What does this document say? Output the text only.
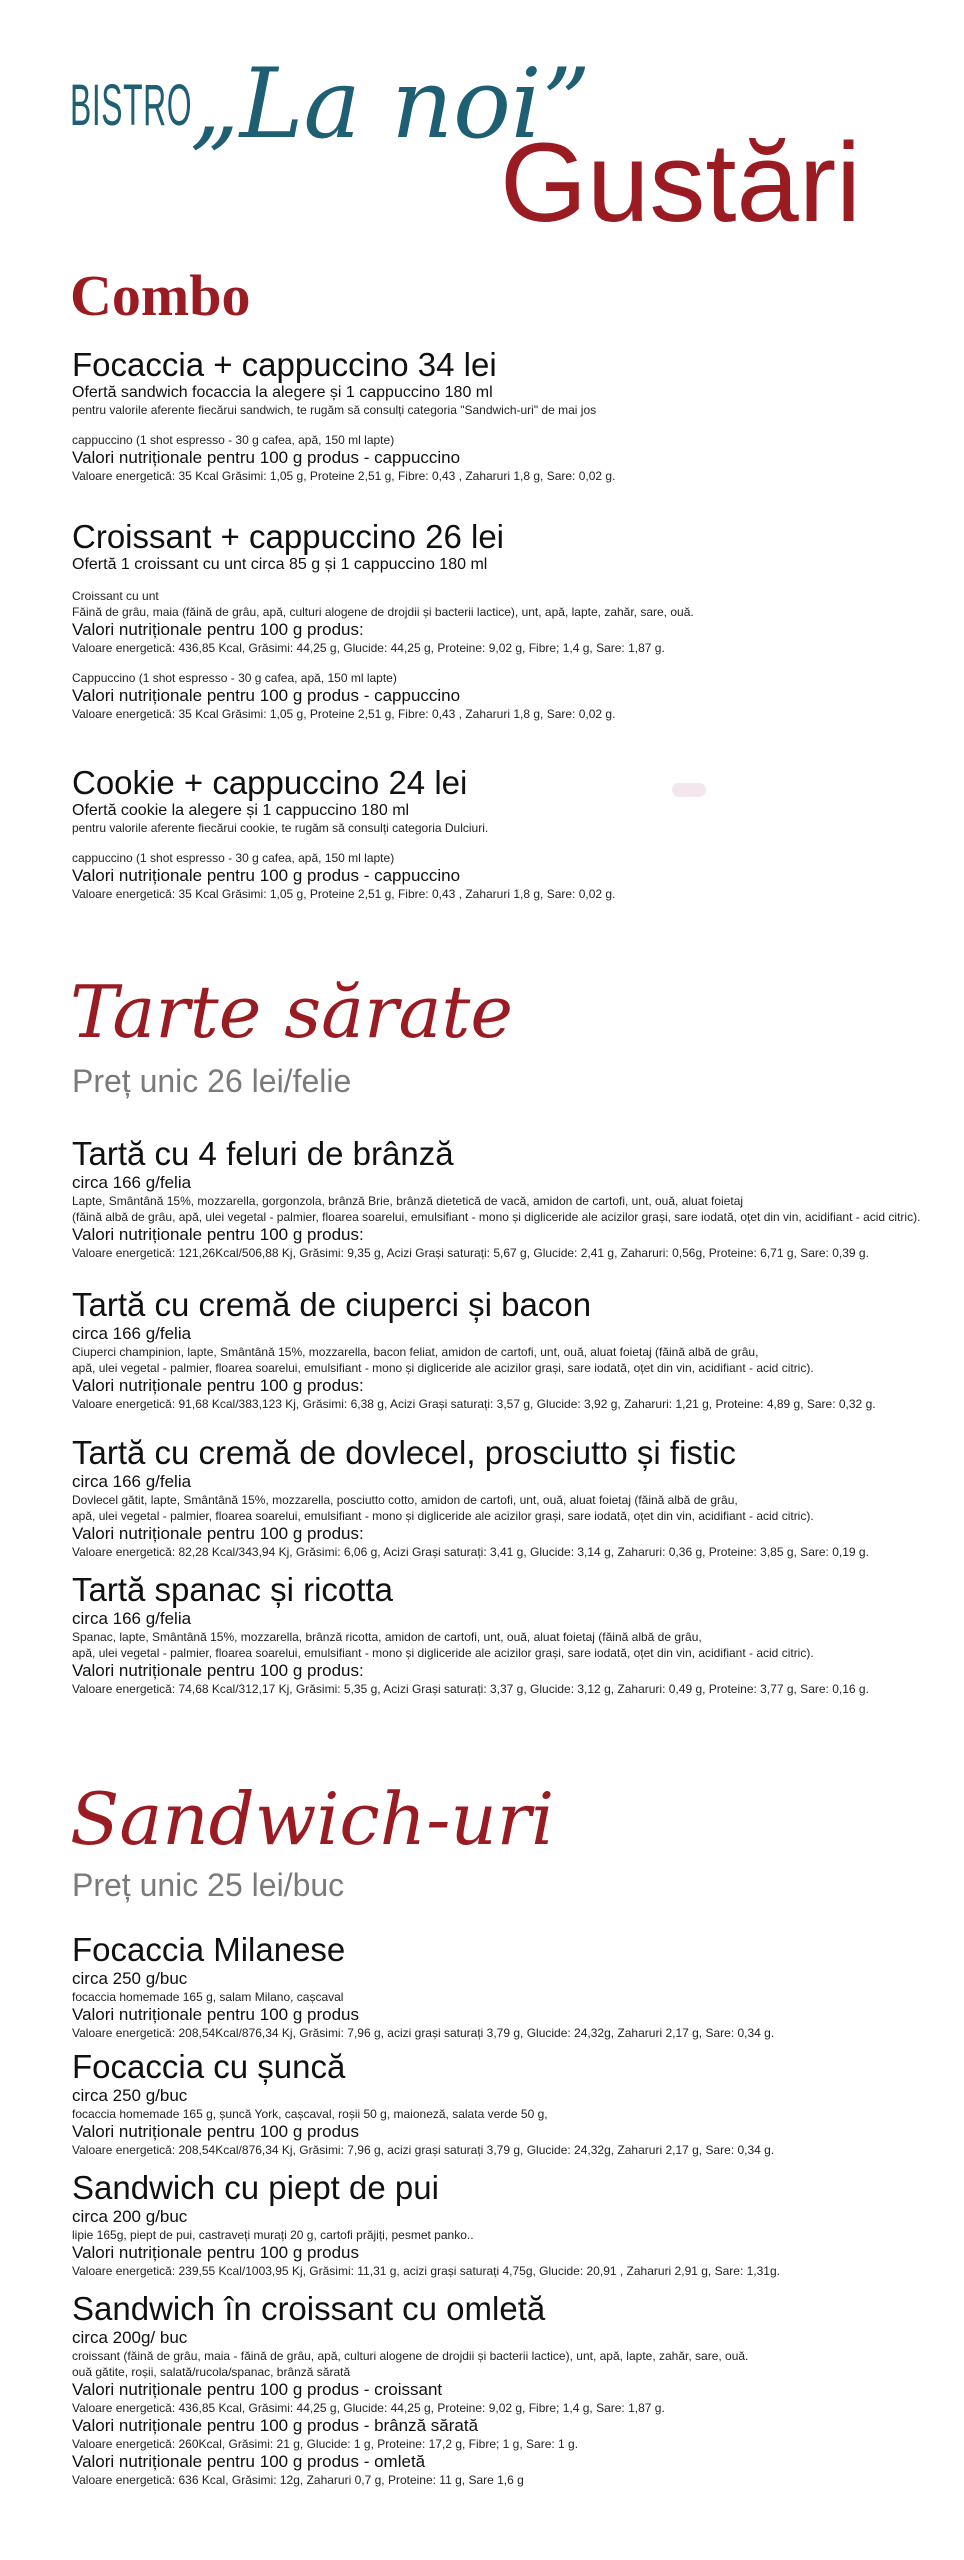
BISTRO
„La noi”
Gustări
Combo
Focaccia + cappuccino 34 lei
Ofertă sandwich focaccia la alegere și 1 cappuccino 180 ml
pentru valorile aferente fiecărui sandwich, te rugăm să consulți categoria "Sandwich-uri" de mai jos
cappuccino (1 shot espresso - 30 g cafea, apă, 150 ml lapte)
Valori nutriționale pentru 100 g produs - cappuccino
Valoare energetică: 35 Kcal Grăsimi: 1,05 g, Proteine 2,51 g, Fibre: 0,43 , Zaharuri 1,8 g, Sare: 0,02 g.
Croissant + cappuccino 26 lei
Ofertă 1 croissant cu unt circa 85 g și 1 cappuccino 180 ml
Croissant cu unt
Făină de grâu, maia (făină de grâu, apă, culturi alogene de drojdii și bacterii lactice), unt, apă, lapte, zahăr, sare, ouă.
Valori nutriționale pentru 100 g produs:
Valoare energetică: 436,85 Kcal, Grăsimi: 44,25 g, Glucide: 44,25 g, Proteine: 9,02 g, Fibre; 1,4 g, Sare: 1,87 g.
Cappuccino (1 shot espresso - 30 g cafea, apă, 150 ml lapte)
Valori nutriționale pentru 100 g produs - cappuccino
Valoare energetică: 35 Kcal Grăsimi: 1,05 g, Proteine 2,51 g, Fibre: 0,43 , Zaharuri 1,8 g, Sare: 0,02 g.
Cookie + cappuccino 24 lei
Ofertă cookie la alegere și 1 cappuccino 180 ml
pentru valorile aferente fiecărui cookie, te rugăm să consulți categoria Dulciuri.
cappuccino (1 shot espresso - 30 g cafea, apă, 150 ml lapte)
Valori nutriționale pentru 100 g produs - cappuccino
Valoare energetică: 35 Kcal Grăsimi: 1,05 g, Proteine 2,51 g, Fibre: 0,43 , Zaharuri 1,8 g, Sare: 0,02 g.
Tarte sărate
Preț unic 26 lei/felie
Tartă cu 4 feluri de brânză
circa 166 g/felia
Lapte, Smântână 15%, mozzarella, gorgonzola, brânză Brie, brânză dietetică de vacă, amidon de cartofi, unt, ouă, aluat foietaj
(făină albă de grâu, apă, ulei vegetal - palmier, floarea soarelui, emulsifiant - mono și digliceride ale acizilor grași, sare iodată, oțet din vin, acidifiant - acid citric).
Valori nutriționale pentru 100 g produs:
Valoare energetică: 121,26Kcal/506,88 Kj, Grăsimi: 9,35 g, Acizi Grași saturați: 5,67 g, Glucide: 2,41 g, Zaharuri: 0,56g, Proteine: 6,71 g, Sare: 0,39 g.
Tartă cu cremă de ciuperci și bacon
circa 166 g/felia
Ciuperci champinion, lapte, Smântână 15%, mozzarella, bacon feliat, amidon de cartofi, unt, ouă, aluat foietaj (făină albă de grâu,
apă, ulei vegetal - palmier, floarea soarelui, emulsifiant - mono și digliceride ale acizilor grași, sare iodată, oțet din vin, acidifiant - acid citric).
Valori nutriționale pentru 100 g produs:
Valoare energetică: 91,68 Kcal/383,123 Kj, Grăsimi: 6,38 g, Acizi Grași saturați: 3,57 g, Glucide: 3,92 g, Zaharuri: 1,21 g, Proteine: 4,89 g, Sare: 0,32 g.
Tartă cu cremă de dovlecel, prosciutto și fistic
circa 166 g/felia
Dovlecel gătit, lapte, Smântână 15%, mozzarella, posciutto cotto, amidon de cartofi, unt, ouă, aluat foietaj (făină albă de grâu,
apă, ulei vegetal - palmier, floarea soarelui, emulsifiant - mono și digliceride ale acizilor grași, sare iodată, oțet din vin, acidifiant - acid citric).
Valori nutriționale pentru 100 g produs:
Valoare energetică: 82,28 Kcal/343,94 Kj, Grăsimi: 6,06 g, Acizi Grași saturați: 3,41 g, Glucide: 3,14 g, Zaharuri: 0,36 g, Proteine: 3,85 g, Sare: 0,19 g.
Tartă spanac și ricotta
circa 166 g/felia
Spanac, lapte, Smântână 15%, mozzarella, brânză ricotta, amidon de cartofi, unt, ouă, aluat foietaj (făină albă de grâu,
apă, ulei vegetal - palmier, floarea soarelui, emulsifiant - mono și digliceride ale acizilor grași, sare iodată, oțet din vin, acidifiant - acid citric).
Valori nutriționale pentru 100 g produs:
Valoare energetică: 74,68 Kcal/312,17 Kj, Grăsimi: 5,35 g, Acizi Grași saturați: 3,37 g, Glucide: 3,12 g, Zaharuri: 0,49 g, Proteine: 3,77 g, Sare: 0,16 g.
Sandwich-uri
Preț unic 25 lei/buc
Focaccia Milanese
circa 250 g/buc
focaccia homemade 165 g, salam Milano, cașcaval
Valori nutriționale pentru 100 g produs
Valoare energetică: 208,54Kcal/876,34 Kj, Grăsimi: 7,96 g, acizi grași saturați 3,79 g, Glucide: 24,32g, Zaharuri 2,17 g, Sare: 0,34 g.
Focaccia cu șuncă
circa 250 g/buc
focaccia homemade 165 g, șuncă York, cașcaval, roșii 50 g, maioneză, salata verde 50 g,
Valori nutriționale pentru 100 g produs
Valoare energetică: 208,54Kcal/876,34 Kj, Grăsimi: 7,96 g, acizi grași saturați 3,79 g, Glucide: 24,32g, Zaharuri 2,17 g, Sare: 0,34 g.
Sandwich cu piept de pui
circa 200 g/buc
lipie 165g, piept de pui, castraveți murați 20 g, cartofi prăjiți, pesmet panko..
Valori nutriționale pentru 100 g produs
Valoare energetică: 239,55 Kcal/1003,95 Kj, Grăsimi: 11,31 g, acizi grași saturați 4,75g, Glucide: 20,91 , Zaharuri 2,91 g, Sare: 1,31g.
Sandwich în croissant cu omletă
circa 200g/ buc
croissant (făină de grâu, maia - făină de grâu, apă, culturi alogene de drojdii și bacterii lactice), unt, apă, lapte, zahăr, sare, ouă.
ouă gătite, roșii, salată/rucola/spanac, brânză sărată
Valori nutriționale pentru 100 g produs - croissant
Valoare energetică: 436,85 Kcal, Grăsimi: 44,25 g, Glucide: 44,25 g, Proteine: 9,02 g, Fibre; 1,4 g, Sare: 1,87 g.
Valori nutriționale pentru 100 g produs - brânză sărată
Valoare energetică: 260Kcal, Grăsimi: 21 g, Glucide: 1 g, Proteine: 17,2 g, Fibre; 1 g, Sare: 1 g.
Valori nutriționale pentru 100 g produs - omletă
Valoare energetică: 636 Kcal, Grăsimi: 12g, Zaharuri 0,7 g, Proteine: 11 g, Sare 1,6 g
